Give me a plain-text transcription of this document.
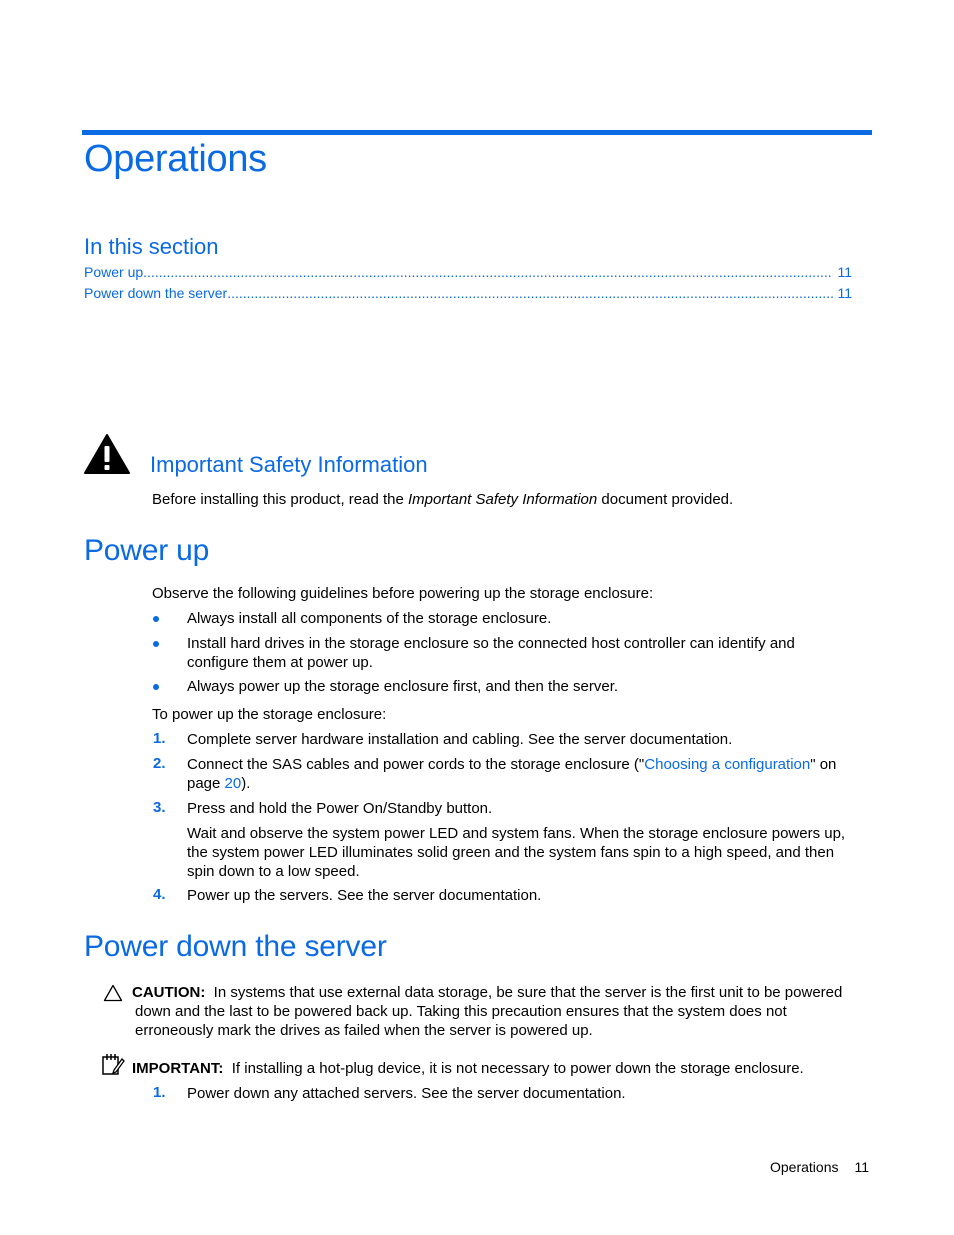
Operations
In this section
Power up .....	11
Power down the server .....	11
Important Safety Information
Before installing this product, read the Important Safety Information document provided.
Power up
Observe the following guidelines before powering up the storage enclosure:
Always install all components of the storage enclosure.
Install hard drives in the storage enclosure so the connected host controller can identify and configure them at power up.
Always power up the storage enclosure first, and then the server.
To power up the storage enclosure:
1. Complete server hardware installation and cabling. See the server documentation.
2. Connect the SAS cables and power cords to the storage enclosure ("Choosing a configuration" on page 20).
3. Press and hold the Power On/Standby button.
Wait and observe the system power LED and system fans. When the storage enclosure powers up, the system power LED illuminates solid green and the system fans spin to a high speed, and then spin down to a low speed.
4. Power up the servers. See the server documentation.
Power down the server
CAUTION: In systems that use external data storage, be sure that the server is the first unit to be powered down and the last to be powered back up. Taking this precaution ensures that the system does not erroneously mark the drives as failed when the server is powered up.
IMPORTANT: If installing a hot-plug device, it is not necessary to power down the storage enclosure.
1. Power down any attached servers. See the server documentation.
Operations 11
